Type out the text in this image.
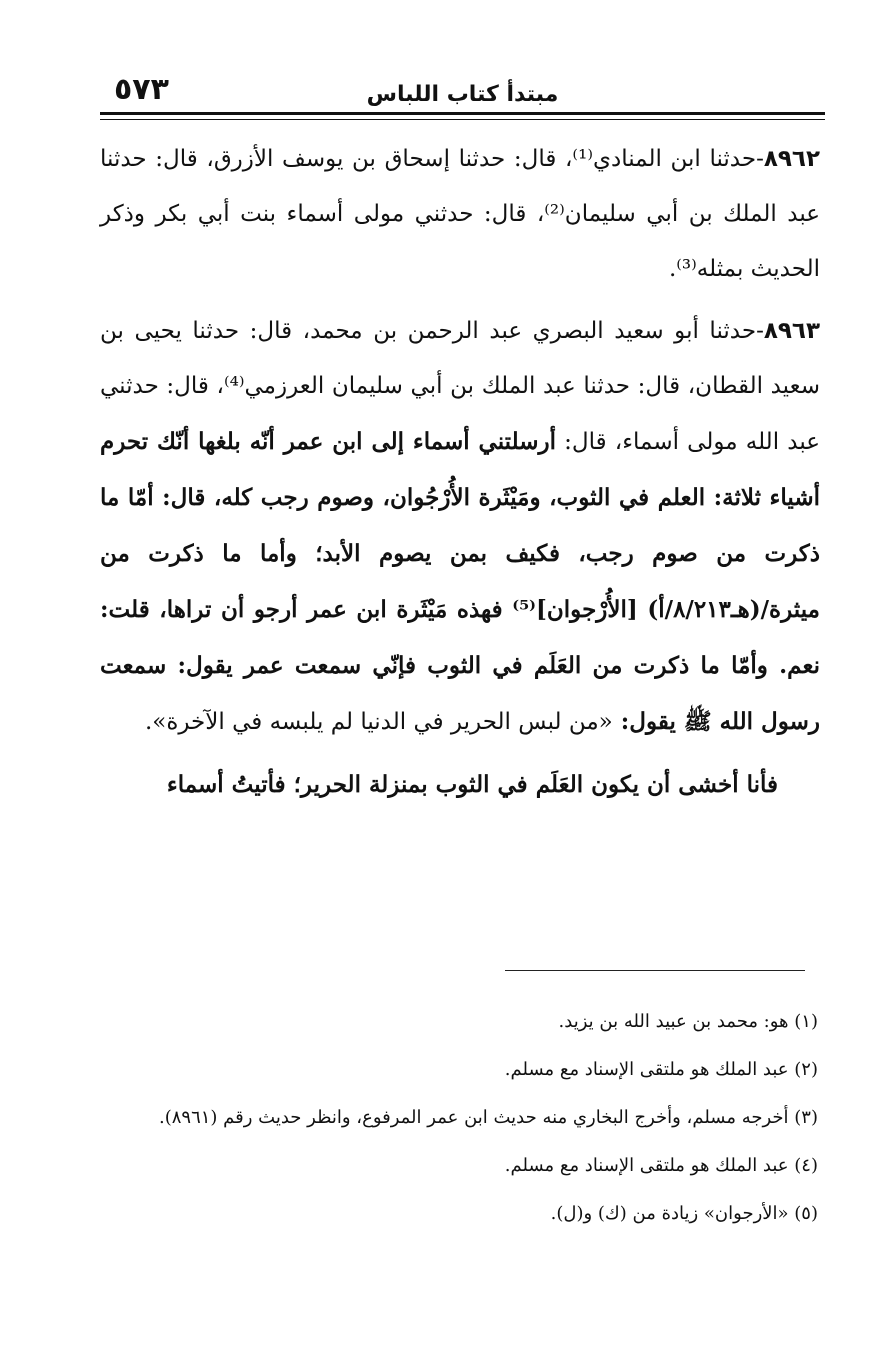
٥٧٣	مبتدأ كتاب اللباس

٨٩٦٢-حدثنا ابن المنادي⁽¹⁾، قال: حدثنا إسحاق بن يوسف الأزرق، قال: حدثنا عبد الملك بن أبي سليمان⁽²⁾، قال: حدثني مولى أسماء بنت أبي بكر وذكر الحديث بمثله⁽³⁾.

٨٩٦٣-حدثنا أبو سعيد البصري عبد الرحمن بن محمد، قال: حدثنا يحيى بن سعيد القطان، قال: حدثنا عبد الملك بن أبي سليمان العرزمي⁽⁴⁾، قال: حدثني عبد الله مولى أسماء، قال: أرسلتني أسماء إلى ابن عمر أنّه بلغها أنّك تحرم أشياء ثلاثة: العلم في الثوب، ومَيْثَرة الأُرْجُوان، وصوم رجب كله، قال: أمّا ما ذكرت من صوم رجب، فكيف بمن يصوم الأبد؛ وأما ما ذكرت من ميثرة/(هـ٨/٢١٣/أ) [الأُرْجوان]⁽⁵⁾ فهذه مَيْثَرة ابن عمر أرجو أن تراها، قلت: نعم. وأمّا ما ذكرت من العَلَم في الثوب فإنّي سمعت عمر يقول: سمعت رسول الله ﷺ يقول: «من لبس الحرير في الدنيا لم يلبسه في الآخرة».

فأنا أخشى أن يكون العَلَم في الثوب بمنزلة الحرير؛ فأتيتُ أسماء

(١) هو: محمد بن عبيد الله بن يزيد.

(٢) عبد الملك هو ملتقى الإسناد مع مسلم.

(٣) أخرجه مسلم، وأخرج البخاري منه حديث ابن عمر المرفوع، وانظر حديث رقم (٨٩٦١).

(٤) عبد الملك هو ملتقى الإسناد مع مسلم.

(٥) «الأرجوان» زيادة من (ك) و(ل).
